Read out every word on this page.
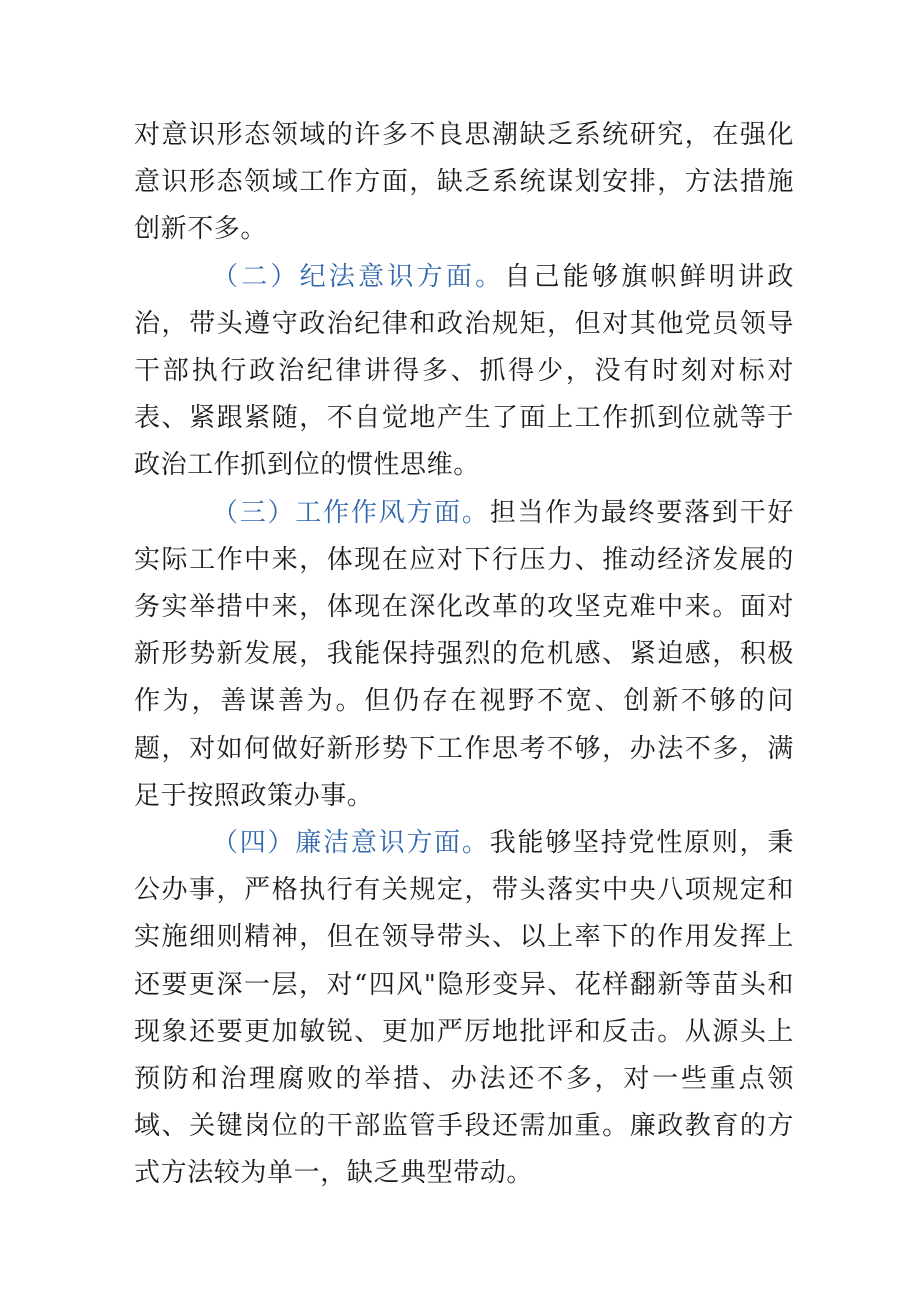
对意识形态领域的许多不良思潮缺乏系统研究，在强化意识形态领域工作方面，缺乏系统谋划安排，方法措施创新不多。

（二）纪法意识方面。自己能够旗帜鲜明讲政治，带头遵守政治纪律和政治规矩，但对其他党员领导干部执行政治纪律讲得多、抓得少，没有时刻对标对表、紧跟紧随，不自觉地产生了面上工作抓到位就等于政治工作抓到位的惯性思维。

（三）工作作风方面。担当作为最终要落到干好实际工作中来，体现在应对下行压力、推动经济发展的务实举措中来，体现在深化改革的攻坚克难中来。面对新形势新发展，我能保持强烈的危机感、紧迫感，积极作为，善谋善为。但仍存在视野不宽、创新不够的问题，对如何做好新形势下工作思考不够，办法不多，满足于按照政策办事。

（四）廉洁意识方面。我能够坚持党性原则，秉公办事，严格执行有关规定，带头落实中央八项规定和实施细则精神，但在领导带头、以上率下的作用发挥上还要更深一层，对“四风"隐形变异、花样翻新等苗头和现象还要更加敏锐、更加严厉地批评和反击。从源头上预防和治理腐败的举措、办法还不多，对一些重点领域、关键岗位的干部监管手段还需加重。廉政教育的方式方法较为单一，缺乏典型带动。
